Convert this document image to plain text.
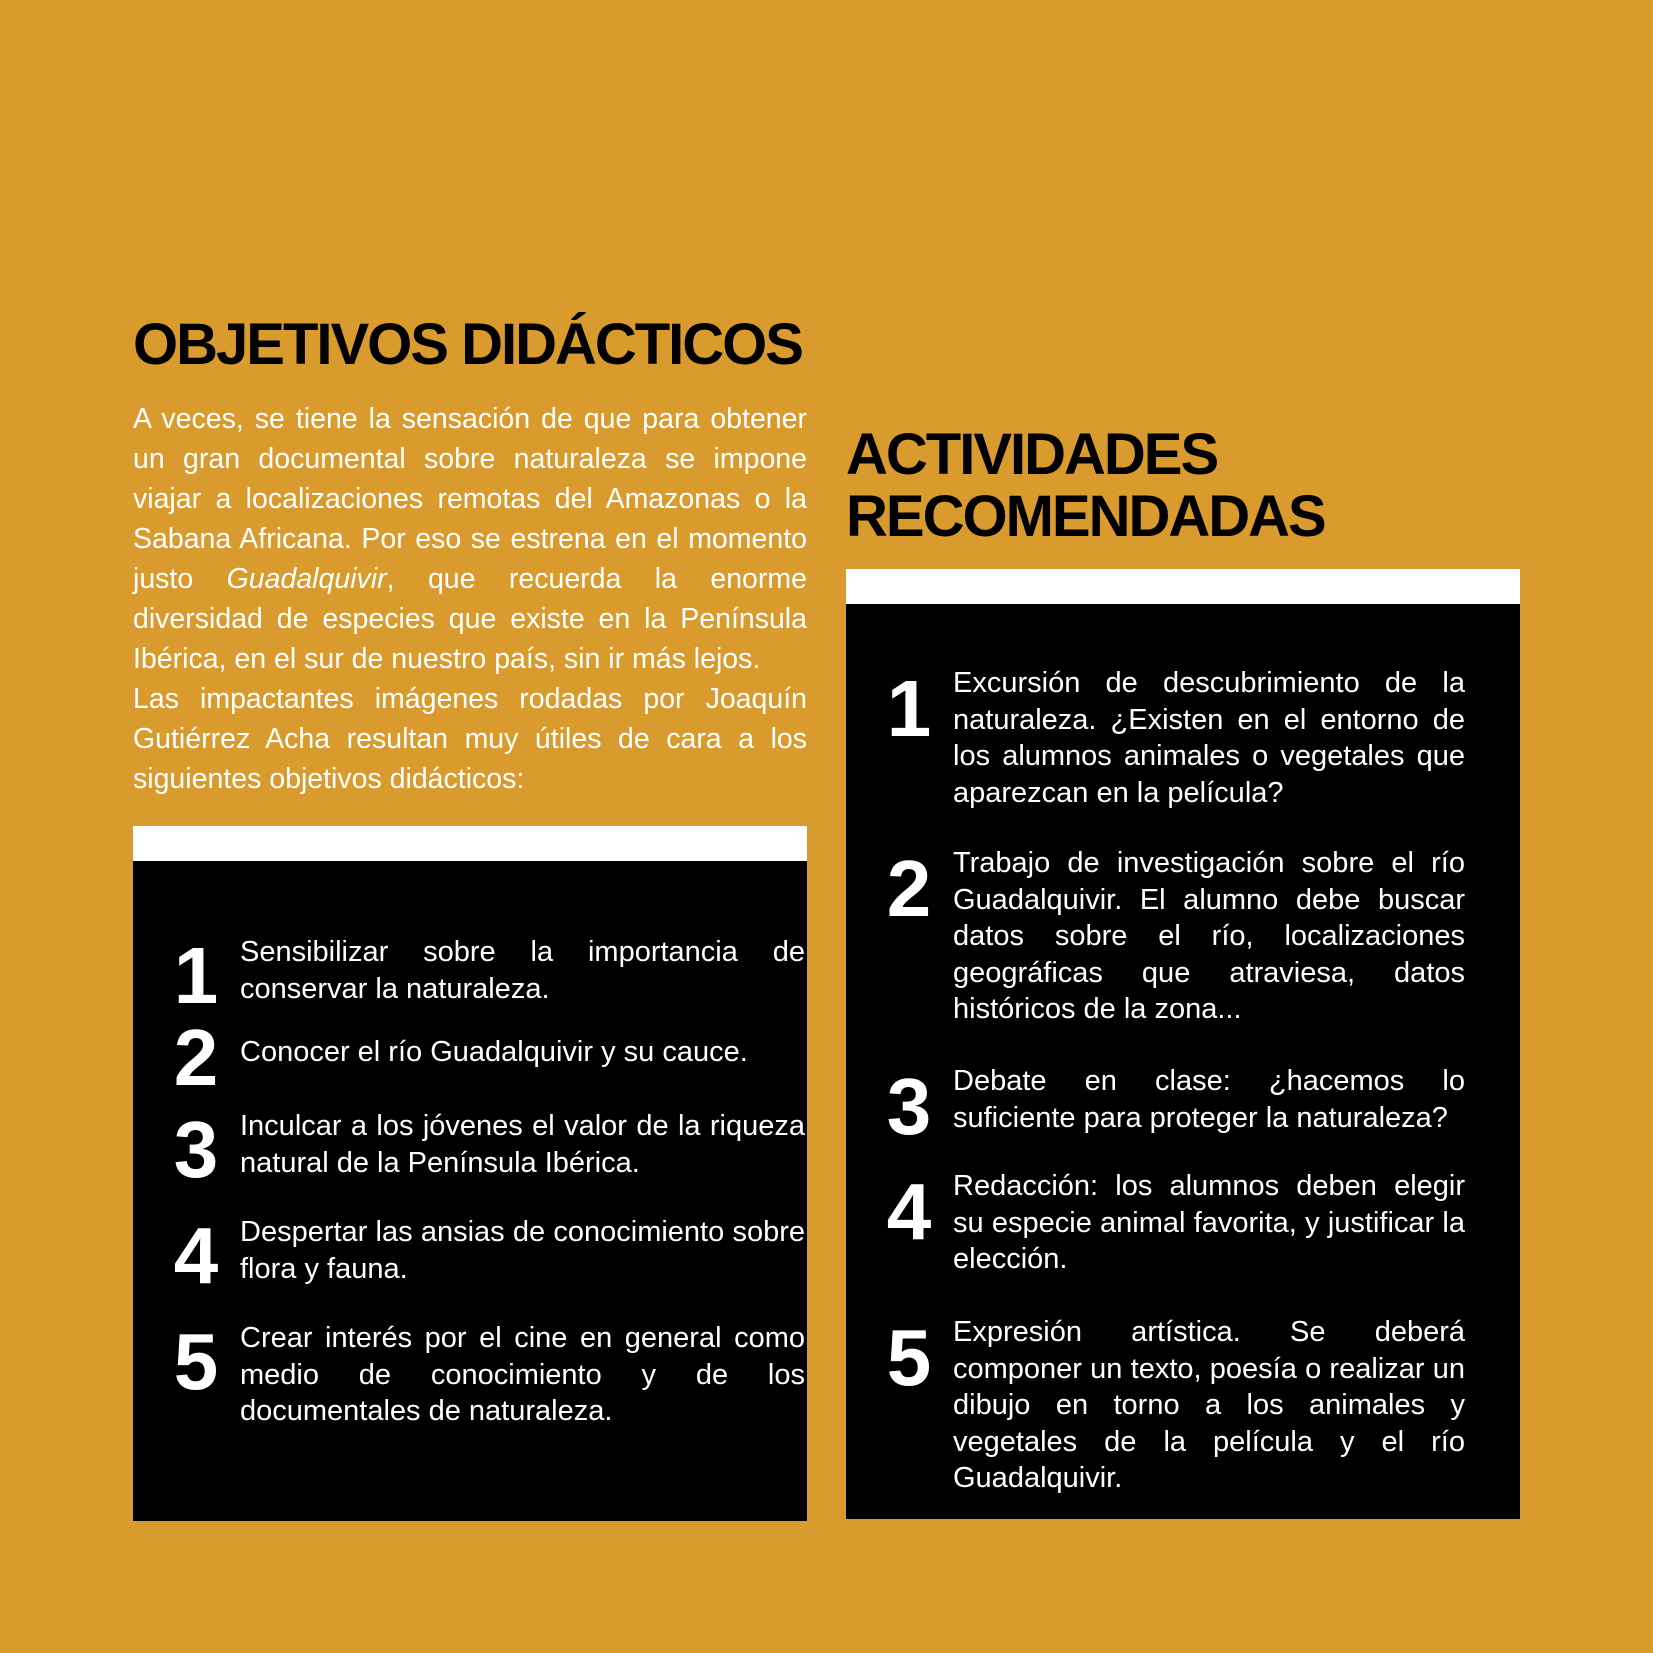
OBJETIVOS DIDÁCTICOS

A veces, se tiene la sensación de que para obtener un gran documental sobre naturaleza se impone viajar a localizaciones remotas del Amazonas o la Sabana Africana. Por eso se estrena en el momento justo Guadalquivir, que recuerda la enorme diversidad de especies que existe en la Península Ibérica, en el sur de nuestro país, sin ir más lejos.

Las impactantes imágenes rodadas por Joaquín Gutiérrez Acha resultan muy útiles de cara a los siguientes objetivos didácticos:

1 Sensibilizar sobre la importancia de conservar la naturaleza.

2 Conocer el río Guadalquivir y su cauce.

3 Inculcar a los jóvenes el valor de la riqueza natural de la Península Ibérica.

4 Despertar las ansias de conocimiento sobre flora y fauna.

5 Crear interés por el cine en general como medio de conocimiento y de los documentales de naturaleza.

ACTIVIDADES
RECOMENDADAS
1 Excursión de descubrimiento de la naturaleza. ¿Existen en el entorno de los alumnos animales o vegetales que aparezcan en la película?

2 Trabajo de investigación sobre el río Guadalquivir. El alumno debe buscar datos sobre el río, localizaciones geográficas que atraviesa, datos históricos de la zona...

3 Debate en clase: ¿hacemos lo suficiente para proteger la naturaleza?

4 Redacción: los alumnos deben elegir su especie animal favorita, y justificar la elección.

5 Expresión artística. Se deberá componer un texto, poesía o realizar un dibujo en torno a los animales y vegetales de la película y el río Guadalquivir.
